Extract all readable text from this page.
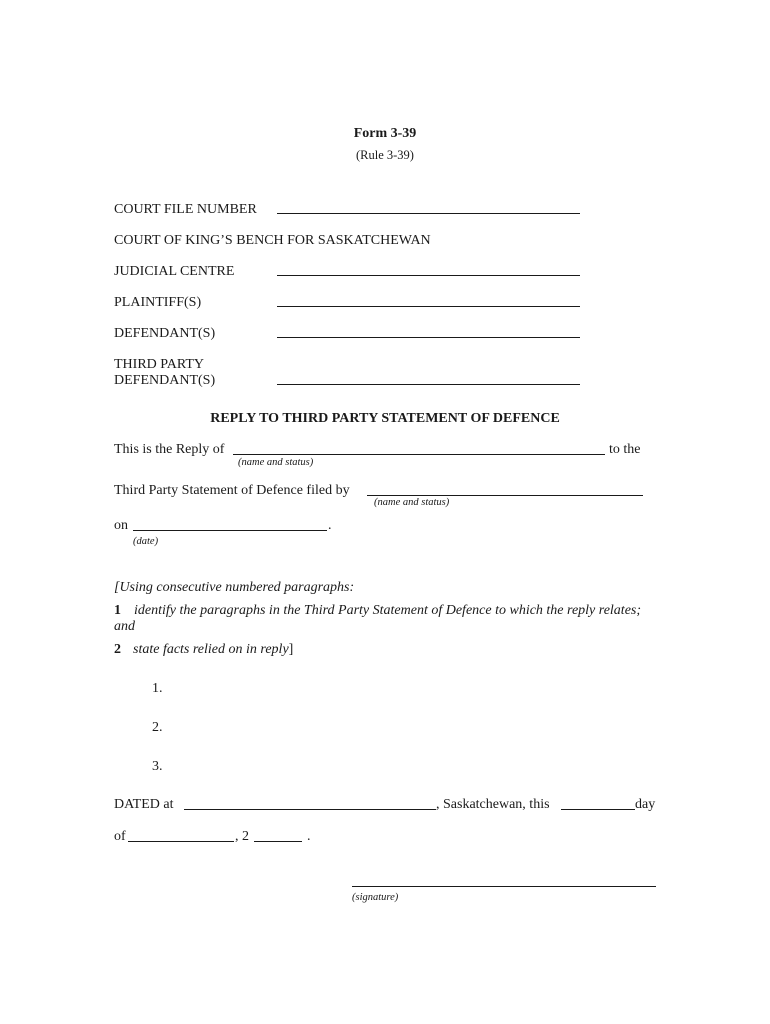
Form 3-39
(Rule 3-39)
COURT FILE NUMBER
COURT OF KING’S BENCH FOR SASKATCHEWAN
JUDICIAL CENTRE
PLAINTIFF(S)
DEFENDANT(S)
THIRD PARTY
DEFENDANT(S)
REPLY TO THIRD PARTY STATEMENT OF DEFENCE
This is the Reply of	to the
(name and status)
Third Party Statement of Defence filed by
(name and status)
on	.
(date)
[Using consecutive numbered paragraphs:
1 identify the paragraphs in the Third Party Statement of Defence to which the reply relates;
and
2 state facts relied on in reply]
1.
2.
3.
DATED at	, Saskatchewan, this	day
of	, 2	.
(signature)
